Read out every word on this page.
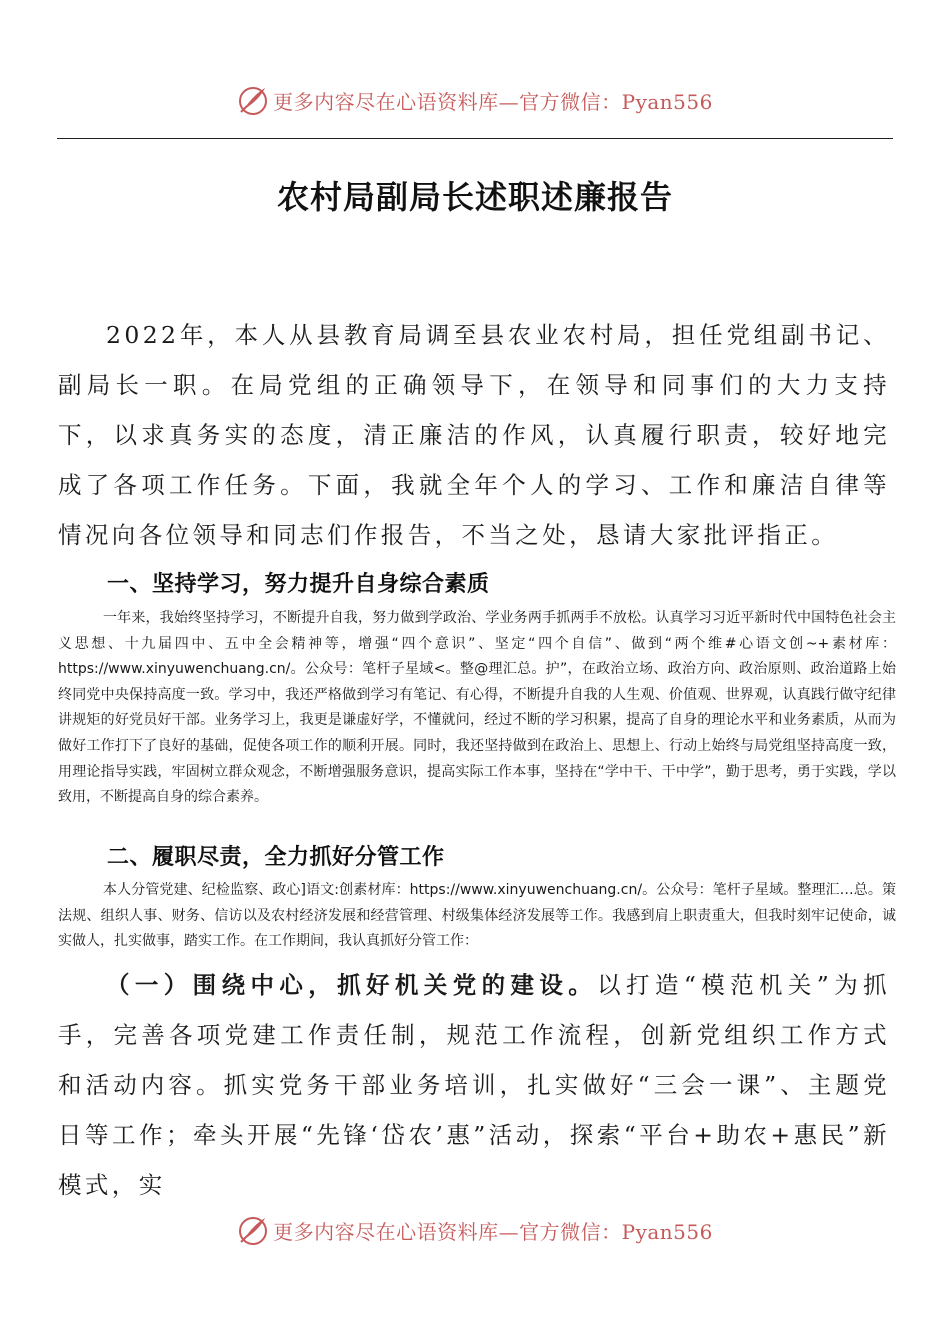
更多内容尽在心语资料库—官方微信：Pyan556
农村局副局长述职述廉报告

2022年，本人从县教育局调至县农业农村局，担任党组副书记、副局长一职。在局党组的正确领导下，在领导和同事们的大力支持下，以求真务实的态度，清正廉洁的作风，认真履行职责，较好地完成了各项工作任务。下面，我就全年个人的学习、工作和廉洁自律等情况向各位领导和同志们作报告，不当之处，恳请大家批评指正。

一、坚持学习，努力提升自身综合素质

一年来，我始终坚持学习，不断提升自我，努力做到学政治、学业务两手抓两手不放松。认真学习习近平新时代中国特色社会主义思想、十九届四中、五中全会精神等，增强“四个意识”、坚定“四个自信”、做到“两个维#心语文创~+素材库：https://www.xinyuwenchuang.cn/。公众号：笔杆子星域<。整@理汇总。护”，在政治立场、政治方向、政治原则、政治道路上始终同党中央保持高度一致。学习中，我还严格做到学习有笔记、有心得，不断提升自我的人生观、价值观、世界观，认真践行做守纪律讲规矩的好党员好干部。业务学习上，我更是谦虚好学，不懂就问，经过不断的学习积累，提高了自身的理论水平和业务素质，从而为做好工作打下了良好的基础，促使各项工作的顺利开展。同时，我还坚持做到在政治上、思想上、行动上始终与局党组坚持高度一致，用理论指导实践，牢固树立群众观念，不断增强服务意识，提高实际工作本事，坚持在“学中干、干中学”，勤于思考，勇于实践，学以致用，不断提高自身的综合素养。

二、履职尽责，全力抓好分管工作

本人分管党建、纪检监察、政心]语文:创素材库：https://www.xinyuwenchuang.cn/。公众号：笔杆子星域。整理汇…总。策法规、组织人事、财务、信访以及农村经济发展和经营管理、村级集体经济发展等工作。我感到肩上职责重大，但我时刻牢记使命，诚实做人，扎实做事，踏实工作。在工作期间，我认真抓好分管工作：

（一）围绕中心，抓好机关党的建设。以打造“模范机关”为抓手，完善各项党建工作责任制，规范工作流程，创新党组织工作方式和活动内容。抓实党务干部业务培训，扎实做好“三会一课”、主题党日等工作；牵头开展“先锋‘岱农’惠”活动，探索“平台+助农+惠民”新模式，实

更多内容尽在心语资料库—官方微信：Pyan556
